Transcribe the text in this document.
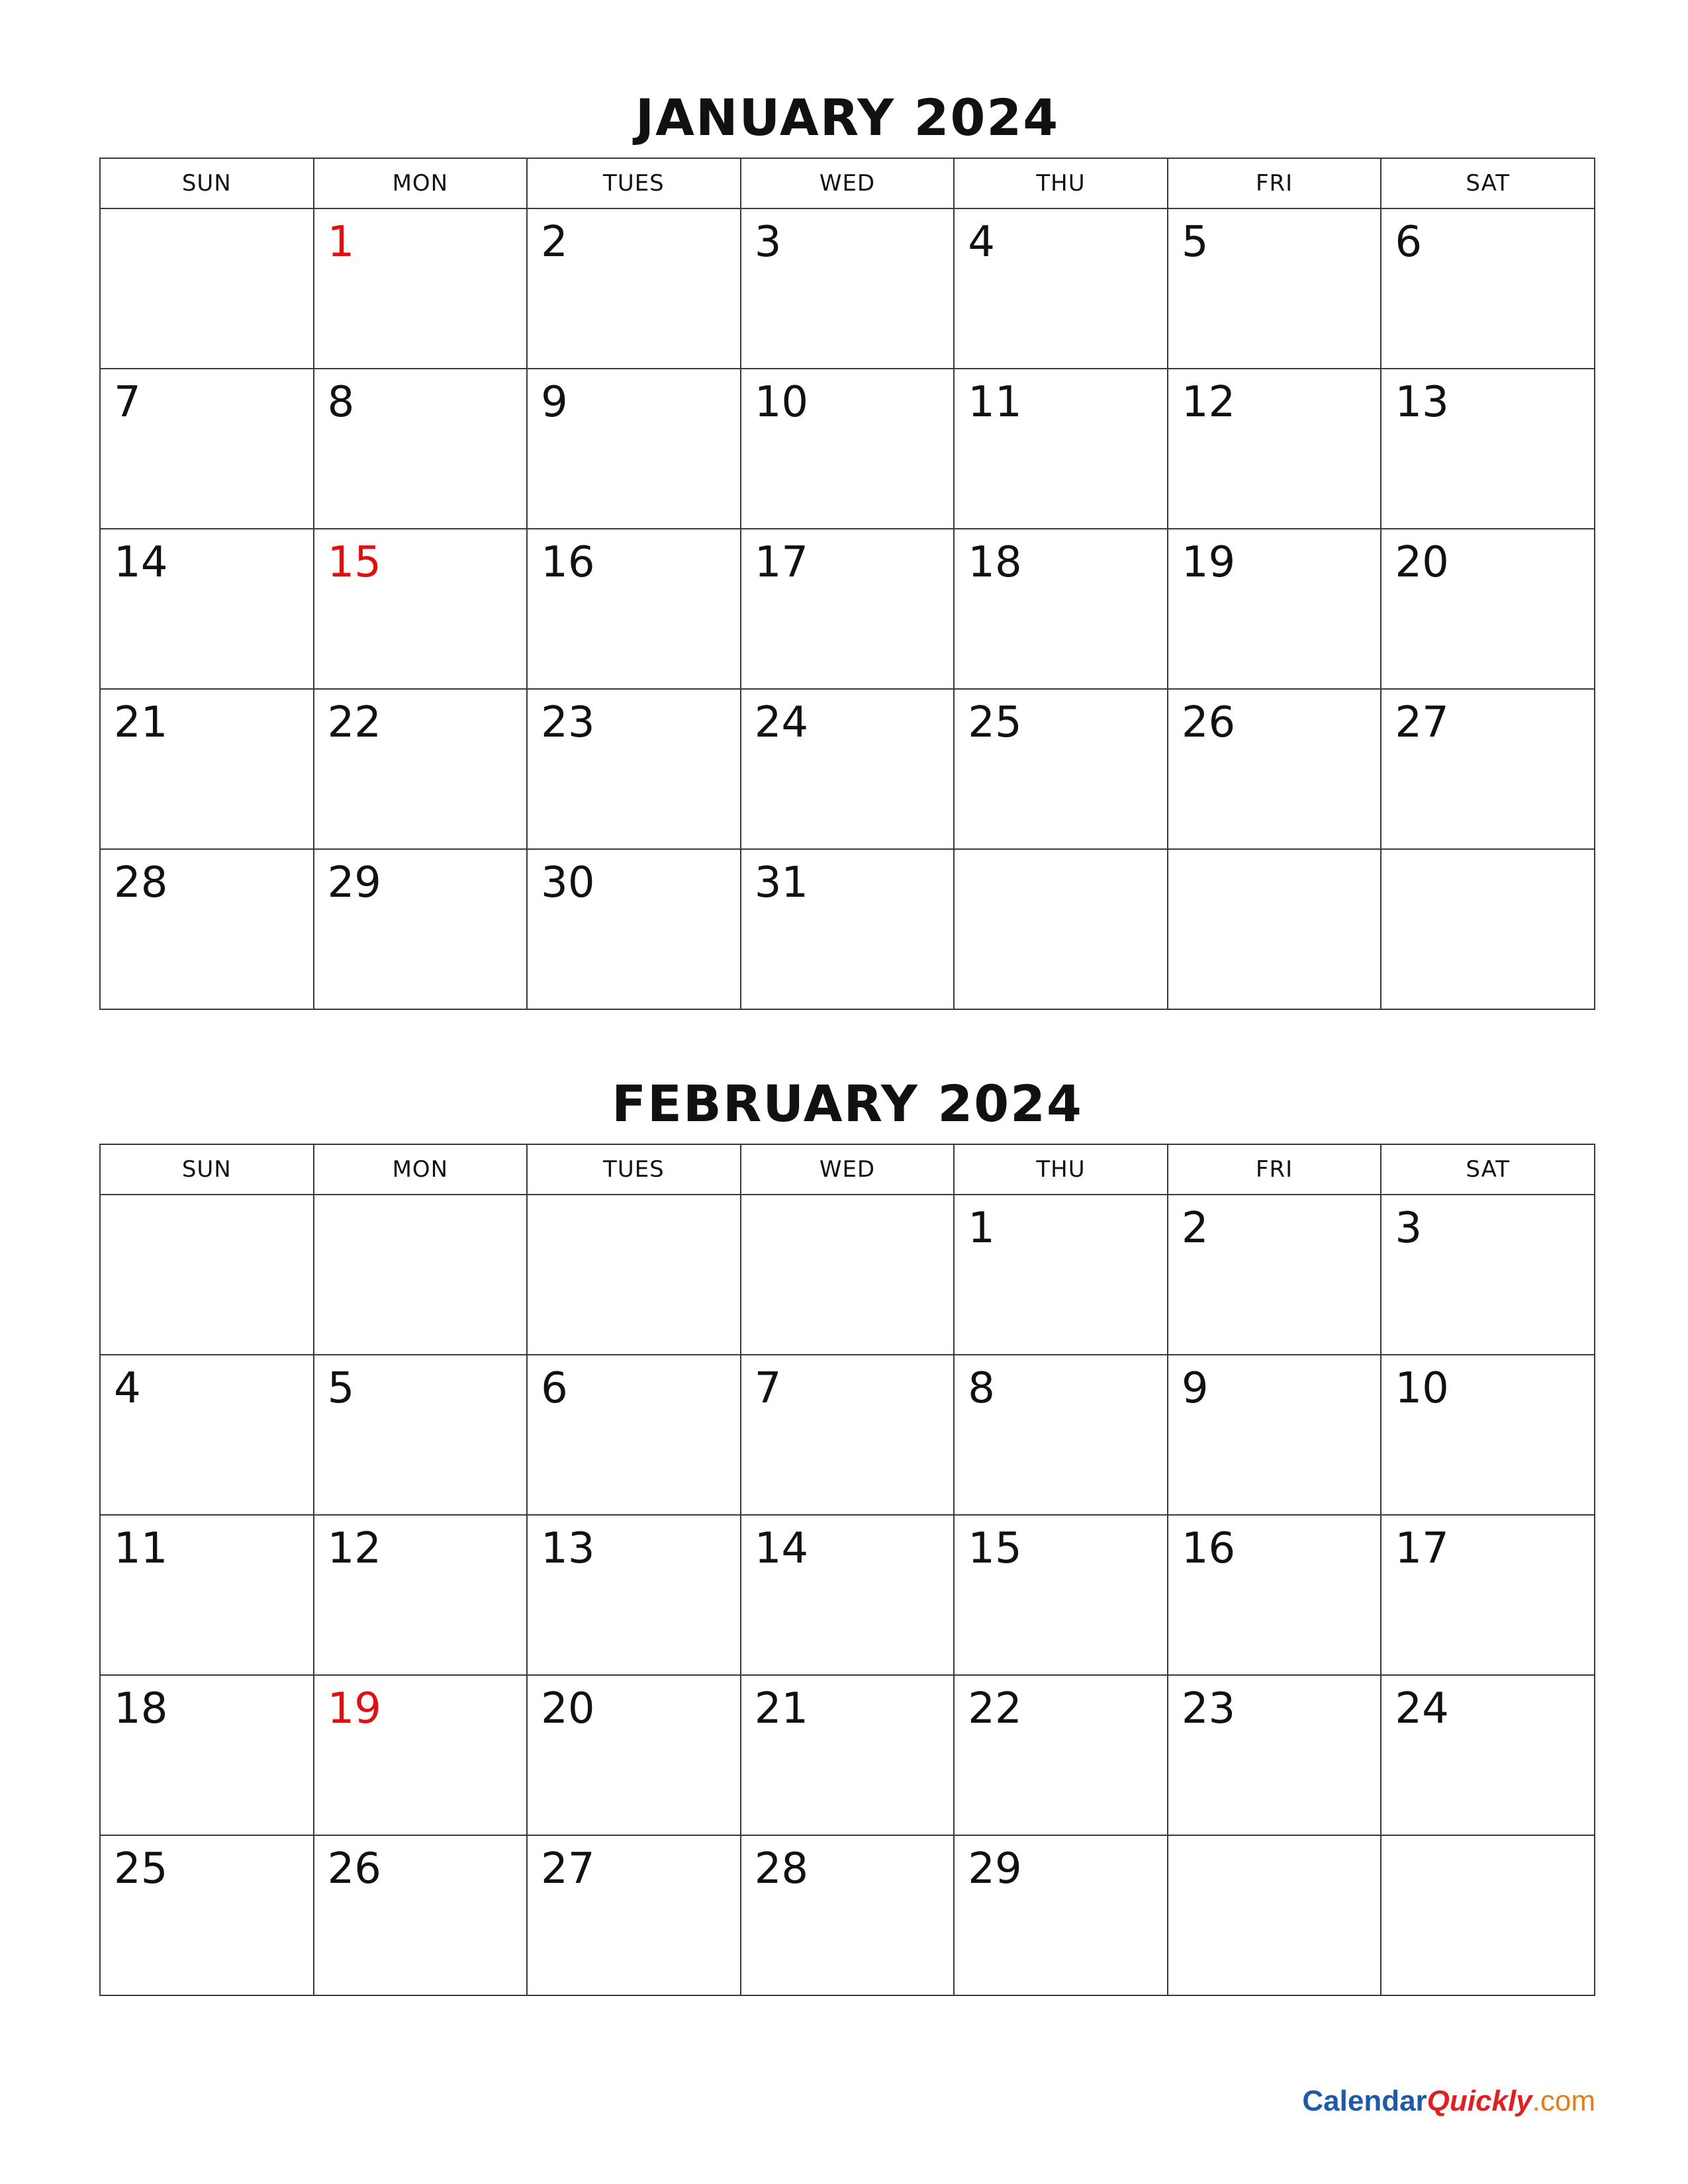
JANUARY 2024
SUN	MON	TUES	WED	THU	FRI	SAT

	1	2	3	4	5	6

7	8	9	10	11	12	13

14	15	16	17	18	19	20

21	22	23	24	25	26	27

28	29	30	31			

FEBRUARY 2024
SUN	MON	TUES	WED	THU	FRI	SAT

				1	2	3

4	5	6	7	8	9	10

11	12	13	14	15	16	17

18	19	20	21	22	23	24

25	26	27	28	29		

CalendarQuickly.com
